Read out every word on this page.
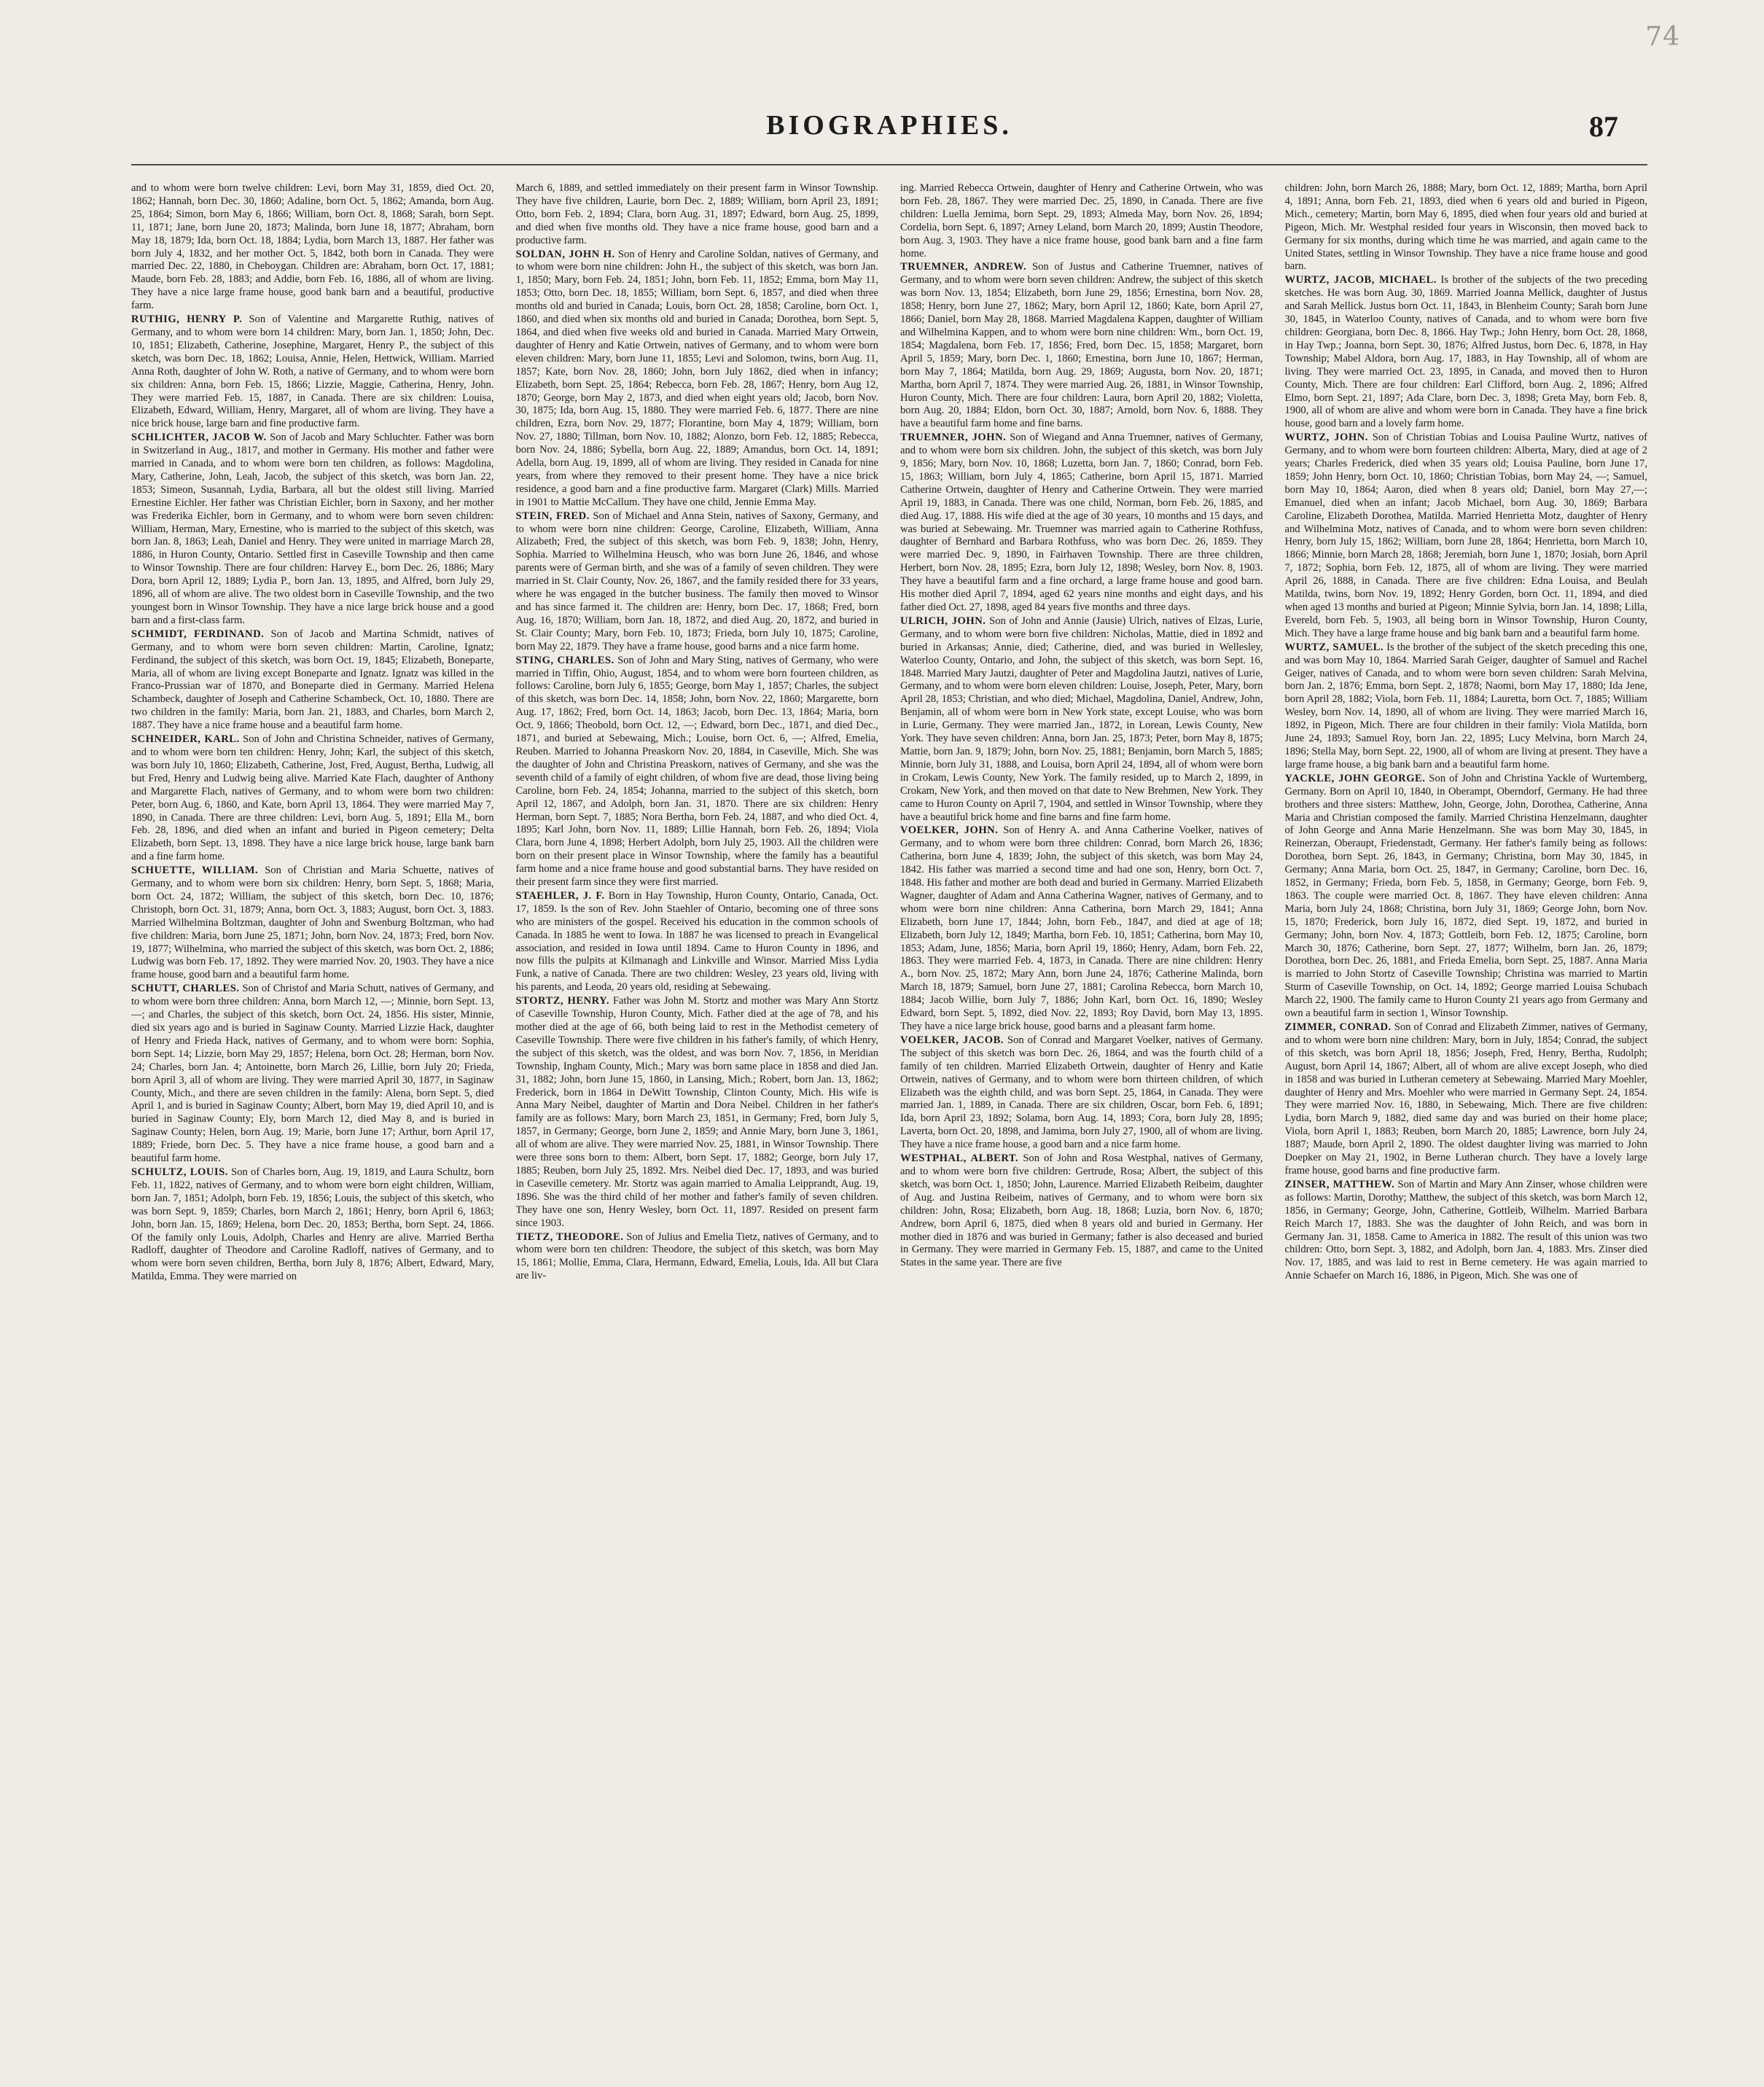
74
BIOGRAPHIES.	87

and to whom were born twelve children: Levi, born May 31, 1859, died Oct. 20, 1862; Hannah, born Dec. 30, 1860; Adaline, born Oct. 5, 1862; Amanda, born Aug. 25, 1864; Simon, born May 6, 1866; William, born Oct. 8, 1868; Sarah, born Sept. 11, 1871; Jane, born June 20, 1873; Malinda, born June 18, 1877; Abraham, born May 18, 1879; Ida, born Oct. 18, 1884; Lydia, born March 13, 1887. Her father was born July 4, 1832, and her mother Oct. 5, 1842, both born in Canada. They were married Dec. 22, 1880, in Cheboygan. Children are: Abraham, born Oct. 17, 1881; Maude, born Feb. 28, 1883; and Addie, born Feb. 16, 1886, all of whom are living. They have a nice large frame house, good bank barn and a beautiful, productive farm.

RUTHIG, HENRY P. Son of Valentine and Margarette Ruthig, natives of Germany, and to whom were born 14 children: Mary, born Jan. 1, 1850; John, Dec. 10, 1851; Elizabeth, Catherine, Josephine, Margaret, Henry P., the subject of this sketch, was born Dec. 18, 1862; Louisa, Annie, Helen, Hettwick, William. Married Anna Roth, daughter of John W. Roth, a native of Germany, and to whom were born six children: Anna, born Feb. 15, 1866; Lizzie, Maggie, Catherina, Henry, John. They were married Feb. 15, 1887, in Canada. There are six children: Louisa, Elizabeth, Edward, William, Henry, Margaret, all of whom are living. They have a nice brick house, large barn and fine productive farm.

SCHLICHTER, JACOB W. Son of Jacob and Mary Schluchter. Father was born in Switzerland in Aug., 1817, and mother in Germany. His mother and father were married in Canada, and to whom were born ten children, as follows: Magdolina, Mary, Catherine, John, Leah, Jacob, the subject of this sketch, was born Jan. 22, 1853; Simeon, Susannah, Lydia, Barbara, all but the oldest still living. Married Ernestine Eichler. Her father was Christian Eichler, born in Saxony, and her mother was Frederika Eichler, born in Germany, and to whom were born seven children: William, Herman, Mary, Ernestine, who is married to the subject of this sketch, was born Jan. 8, 1863; Leah, Daniel and Henry. They were united in marriage March 28, 1886, in Huron County, Ontario. Settled first in Caseville Township and then came to Winsor Township. There are four children: Harvey E., born Dec. 26, 1886; Mary Dora, born April 12, 1889; Lydia P., born Jan. 13, 1895, and Alfred, born July 29, 1896, all of whom are alive. The two oldest born in Caseville Township, and the two youngest born in Winsor Township. They have a nice large brick house and a good barn and a first-class farm.

SCHMIDT, FERDINAND. Son of Jacob and Martina Schmidt, natives of Germany, and to whom were born seven children: Martin, Caroline, Ignatz; Ferdinand, the subject of this sketch, was born Oct. 19, 1845; Elizabeth, Boneparte, Maria, all of whom are living except Boneparte and Ignatz. Ignatz was killed in the Franco-Prussian war of 1870, and Boneparte died in Germany. Married Helena Schambeck, daughter of Joseph and Catherine Schambeck, Oct. 10, 1880. There are two children in the family: Maria, born Jan. 21, 1883, and Charles, born March 2, 1887. They have a nice frame house and a beautiful farm home.

SCHNEIDER, KARL. Son of John and Christina Schneider, natives of Germany, and to whom were born ten children: Henry, John; Karl, the subject of this sketch, was born July 10, 1860; Elizabeth, Catherine, Jost, Fred, August, Bertha, Ludwig, all but Fred, Henry and Ludwig being alive. Married Kate Flach, daughter of Anthony and Margarette Flach, natives of Germany, and to whom were born two children: Peter, born Aug. 6, 1860, and Kate, born April 13, 1864. They were married May 7, 1890, in Canada. There are three children: Levi, born Aug. 5, 1891; Ella M., born Feb. 28, 1896, and died when an infant and buried in Pigeon cemetery; Delta Elizabeth, born Sept. 13, 1898. They have a nice large brick house, large bank barn and a fine farm home.

SCHUETTE, WILLIAM. Son of Christian and Maria Schuette, natives of Germany, and to whom were born six children: Henry, born Sept. 5, 1868; Maria, born Oct. 24, 1872; William, the subject of this sketch, born Dec. 10, 1876; Christoph, born Oct. 31, 1879; Anna, born Oct. 3, 1883; August, born Oct. 3, 1883. Married Wilhelmina Boltzman, daughter of John and Swenburg Boltzman, who had five children: Maria, born June 25, 1871; John, born Nov. 24, 1873; Fred, born Nov. 19, 1877; Wilhelmina, who married the subject of this sketch, was born Oct. 2, 1886; Ludwig was born Feb. 17, 1892. They were married Nov. 20, 1903. They have a nice frame house, good barn and a beautiful farm home.

SCHUTT, CHARLES. Son of Christof and Maria Schutt, natives of Germany, and to whom were born three children: Anna, born March 12, —; Minnie, born Sept. 13, —; and Charles, the subject of this sketch, born Oct. 24, 1856. His sister, Minnie, died six years ago and is buried in Saginaw County. Married Lizzie Hack, daughter of Henry and Frieda Hack, natives of Germany, and to whom were born: Sophia, born Sept. 14; Lizzie, born May 29, 1857; Helena, born Oct. 28; Herman, born Nov. 24; Charles, born Jan. 4; Antoinette, born March 26, Lillie, born July 20; Frieda, born April 3, all of whom are living. They were married April 30, 1877, in Saginaw County, Mich., and there are seven children in the family: Alena, born Sept. 5, died April 1, and is buried in Saginaw County; Albert, born May 19, died April 10, and is buried in Saginaw County; Ely, born March 12, died May 8, and is buried in Saginaw County; Helen, born Aug. 19; Marie, born June 17; Arthur, born April 17, 1889; Friede, born Dec. 5. They have a nice frame house, a good barn and a beautiful farm home.

SCHULTZ, LOUIS. Son of Charles born, Aug. 19, 1819, and Laura Schultz, born Feb. 11, 1822, natives of Germany, and to whom were born eight children, William, born Jan. 7, 1851; Adolph, born Feb. 19, 1856; Louis, the subject of this sketch, who was born Sept. 9, 1859; Charles, born March 2, 1861; Henry, born April 6, 1863; John, born Jan. 15, 1869; Helena, born Dec. 20, 1853; Bertha, born Sept. 24, 1866. Of the family only Louis, Adolph, Charles and Henry are alive. Married Bertha Radloff, daughter of Theodore and Caroline Radloff, natives of Germany, and to whom were born seven children, Bertha, born July 8, 1876; Albert, Edward, Mary, Matilda, Emma. They were married on

March 6, 1889, and settled immediately on their present farm in Winsor Township. They have five children, Laurie, born Dec. 2, 1889; William, born April 23, 1891; Otto, born Feb. 2, 1894; Clara, born Aug. 31, 1897; Edward, born Aug. 25, 1899, and died when five months old. They have a nice frame house, good barn and a productive farm.

SOLDAN, JOHN H. Son of Henry and Caroline Soldan, natives of Germany, and to whom were born nine children: John H., the subject of this sketch, was born Jan. 1, 1850; Mary, born Feb. 24, 1851; John, born Feb. 11, 1852; Emma, born May 11, 1853; Otto, born Dec. 18, 1855; William, born Sept. 6, 1857, and died when three months old and buried in Canada; Louis, born Oct. 28, 1858; Caroline, born Oct. 1, 1860, and died when six months old and buried in Canada; Dorothea, born Sept. 5, 1864, and died when five weeks old and buried in Canada. Married Mary Ortwein, daughter of Henry and Katie Ortwein, natives of Germany, and to whom were born eleven children: Mary, born June 11, 1855; Levi and Solomon, twins, born Aug. 11, 1857; Kate, born Nov. 28, 1860; John, born July 1862, died when in infancy; Elizabeth, born Sept. 25, 1864; Rebecca, born Feb. 28, 1867; Henry, born Aug 12, 1870; George, born May 2, 1873, and died when eight years old; Jacob, born Nov. 30, 1875; Ida, born Aug. 15, 1880. They were married Feb. 6, 1877. There are nine children, Ezra, born Nov. 29, 1877; Florantine, born May 4, 1879; William, born Nov. 27, 1880; Tillman, born Nov. 10, 1882; Alonzo, born Feb. 12, 1885; Rebecca, born Nov. 24, 1886; Sybella, born Aug. 22, 1889; Amandus, born Oct. 14, 1891; Adella, born Aug. 19, 1899, all of whom are living. They resided in Canada for nine years, from where they removed to their present home. They have a nice brick residence, a good barn and a fine productive farm. Margaret (Clark) Mills. Married in 1901 to Mattie McCallum. They have one child, Jennie Emma May.

STEIN, FRED. Son of Michael and Anna Stein, natives of Saxony, Germany, and to whom were born nine children: George, Caroline, Elizabeth, William, Anna Alizabeth; Fred, the subject of this sketch, was born Feb. 9, 1838; John, Henry, Sophia. Married to Wilhelmina Heusch, who was born June 26, 1846, and whose parents were of German birth, and she was of a family of seven children. They were married in St. Clair County, Nov. 26, 1867, and the family resided there for 33 years, where he was engaged in the butcher business. The family then moved to Winsor and has since farmed it. The children are: Henry, born Dec. 17, 1868; Fred, born Aug. 16, 1870; William, born Jan. 18, 1872, and died Aug. 20, 1872, and buried in St. Clair County; Mary, born Feb. 10, 1873; Frieda, born July 10, 1875; Caroline, born May 22, 1879. They have a frame house, good barns and a nice farm home.

STING, CHARLES. Son of John and Mary Sting, natives of Germany, who were married in Tiffin, Ohio, August, 1854, and to whom were born fourteen children, as follows: Caroline, born July 6, 1855; George, born May 1, 1857; Charles, the subject of this sketch, was born Dec. 14, 1858; John, born Nov. 22, 1860; Margarette, born Aug. 17, 1862; Fred, born Oct. 14, 1863; Jacob, born Dec. 13, 1864; Maria, born Oct. 9, 1866; Theobold, born Oct. 12, —; Edward, born Dec., 1871, and died Dec., 1871, and buried at Sebewaing, Mich.; Louise, born Oct. 6, —; Alfred, Emelia, Reuben. Married to Johanna Preaskorn Nov. 20, 1884, in Caseville, Mich. She was the daughter of John and Christina Preaskorn, natives of Germany, and she was the seventh child of a family of eight children, of whom five are dead, those living being Caroline, born Feb. 24, 1854; Johanna, married to the subject of this sketch, born April 12, 1867, and Adolph, born Jan. 31, 1870. There are six children: Henry Herman, born Sept. 7, 1885; Nora Bertha, born Feb. 24, 1887, and who died Oct. 4, 1895; Karl John, born Nov. 11, 1889; Lillie Hannah, born Feb. 26, 1894; Viola Clara, born June 4, 1898; Herbert Adolph, born July 25, 1903. All the children were born on their present place in Winsor Township, where the family has a beautiful farm home and a nice frame house and good substantial barns. They have resided on their present farm since they were first married.

STAEHLER, J. F. Born in Hay Township, Huron County, Ontario, Canada, Oct. 17, 1859. Is the son of Rev. John Staehler of Ontario, becoming one of three sons who are ministers of the gospel. Received his education in the common schools of Canada. In 1885 he went to Iowa. In 1887 he was licensed to preach in Evangelical association, and resided in Iowa until 1894. Came to Huron County in 1896, and now fills the pulpits at Kilmanagh and Linkville and Winsor. Married Miss Lydia Funk, a native of Canada. There are two children: Wesley, 23 years old, living with his parents, and Leoda, 20 years old, residing at Sebewaing.

STORTZ, HENRY. Father was John M. Stortz and mother was Mary Ann Stortz of Caseville Township, Huron County, Mich. Father died at the age of 78, and his mother died at the age of 66, both being laid to rest in the Methodist cemetery of Caseville Township. There were five children in his father's family, of which Henry, the subject of this sketch, was the oldest, and was born Nov. 7, 1856, in Meridian Township, Ingham County, Mich.; Mary was born same place in 1858 and died Jan. 31, 1882; John, born June 15, 1860, in Lansing, Mich.; Robert, born Jan. 13, 1862; Frederick, born in 1864 in DeWitt Township, Clinton County, Mich. His wife is Anna Mary Neibel, daughter of Martin and Dora Neibel. Children in her father's family are as follows: Mary, born March 23, 1851, in Germany; Fred, born July 5, 1857, in Germany; George, born June 2, 1859; and Annie Mary, born June 3, 1861, all of whom are alive. They were married Nov. 25, 1881, in Winsor Township. There were three sons born to them: Albert, born Sept. 17, 1882; George, born July 17, 1885; Reuben, born July 25, 1892. Mrs. Neibel died Dec. 17, 1893, and was buried in Caseville cemetery. Mr. Stortz was again married to Amalia Leipprandt, Aug. 19, 1896. She was the third child of her mother and father's family of seven children. They have one son, Henry Wesley, born Oct. 11, 1897. Resided on present farm since 1903.

TIETZ, THEODORE. Son of Julius and Emelia Tietz, natives of Germany, and to whom were born ten children: Theodore, the subject of this sketch, was born May 15, 1861; Mollie, Emma, Clara, Hermann, Edward, Emelia, Louis, Ida. All but Clara are liv-

ing. Married Rebecca Ortwein, daughter of Henry and Catherine Ortwein, who was born Feb. 28, 1867. They were married Dec. 25, 1890, in Canada. There are five children: Luella Jemima, born Sept. 29, 1893; Almeda May, born Nov. 26, 1894; Cordelia, born Sept. 6, 1897; Arney Leland, born March 20, 1899; Austin Theodore, born Aug. 3, 1903. They have a nice frame house, good bank barn and a fine farm home.

TRUEMNER, ANDREW. Son of Justus and Catherine Truemner, natives of Germany, and to whom were born seven children: Andrew, the subject of this sketch was born Nov. 13, 1854; Elizabeth, born June 29, 1856; Ernestina, born Nov. 28, 1858; Henry, born June 27, 1862; Mary, born April 12, 1860; Kate, born April 27, 1866; Daniel, born May 28, 1868. Married Magdalena Kappen, daughter of William and Wilhelmina Kappen, and to whom were born nine children: Wm., born Oct. 19, 1854; Magdalena, born Feb. 17, 1856; Fred, born Dec. 15, 1858; Margaret, born April 5, 1859; Mary, born Dec. 1, 1860; Ernestina, born June 10, 1867; Herman, born May 7, 1864; Matilda, born Aug. 29, 1869; Augusta, born Nov. 20, 1871; Martha, born April 7, 1874. They were married Aug. 26, 1881, in Winsor Township, Huron County, Mich. There are four children: Laura, born April 20, 1882; Violetta, born Aug. 20, 1884; Eldon, born Oct. 30, 1887; Arnold, born Nov. 6, 1888. They have a beautiful farm home and fine barns.

TRUEMNER, JOHN. Son of Wiegand and Anna Truemner, natives of Germany, and to whom were born six children. John, the subject of this sketch, was born July 9, 1856; Mary, born Nov. 10, 1868; Luzetta, born Jan. 7, 1860; Conrad, born Feb. 15, 1863; William, born July 4, 1865; Catherine, born April 15, 1871. Married Catherine Ortwein, daughter of Henry and Catherine Ortwein. They were married April 19, 1883, in Canada. There was one child, Norman, born Feb. 26, 1885, and died Aug. 17, 1888. His wife died at the age of 30 years, 10 months and 15 days, and was buried at Sebewaing. Mr. Truemner was married again to Catherine Rothfuss, daughter of Bernhard and Barbara Rothfuss, who was born Dec. 26, 1859. They were married Dec. 9, 1890, in Fairhaven Township. There are three children, Herbert, born Nov. 28, 1895; Ezra, born July 12, 1898; Wesley, born Nov. 8, 1903. They have a beautiful farm and a fine orchard, a large frame house and good barn. His mother died April 7, 1894, aged 62 years nine months and eight days, and his father died Oct. 27, 1898, aged 84 years five months and three days.

ULRICH, JOHN. Son of John and Annie (Jausie) Ulrich, natives of Elzas, Lurie, Germany, and to whom were born five children: Nicholas, Mattie, died in 1892 and buried in Arkansas; Annie, died; Catherine, died, and was buried in Wellesley, Waterloo County, Ontario, and John, the subject of this sketch, was born Sept. 16, 1848. Married Mary Jautzi, daughter of Peter and Magdolina Jautzi, natives of Lurie, Germany, and to whom were born eleven children: Louise, Joseph, Peter, Mary, born April 28, 1853; Christian, and who died; Michael, Magdolina, Daniel, Andrew, John, Benjamin, all of whom were born in New York state, except Louise, who was born in Lurie, Germany. They were married Jan., 1872, in Lorean, Lewis County, New York. They have seven children: Anna, born Jan. 25, 1873; Peter, born May 8, 1875; Mattie, born Jan. 9, 1879; John, born Nov. 25, 1881; Benjamin, born March 5, 1885; Minnie, born July 31, 1888, and Louisa, born April 24, 1894, all of whom were born in Crokam, Lewis County, New York. The family resided, up to March 2, 1899, in Crokam, New York, and then moved on that date to New Brehmen, New York. They came to Huron County on April 7, 1904, and settled in Winsor Township, where they have a beautiful brick home and fine barns and fine farm home.

VOELKER, JOHN. Son of Henry A. and Anna Catherine Voelker, natives of Germany, and to whom were born three children: Conrad, born March 26, 1836; Catherina, born June 4, 1839; John, the subject of this sketch, was born May 24, 1842. His father was married a second time and had one son, Henry, born Oct. 7, 1848. His father and mother are both dead and buried in Germany. Married Elizabeth Wagner, daughter of Adam and Anna Catherina Wagner, natives of Germany, and to whom were born nine children: Anna Catherina, born March 29, 1841; Anna Elizabeth, born June 17, 1844; John, born Feb., 1847, and died at age of 18; Elizabeth, born July 12, 1849; Martha, born Feb. 10, 1851; Catherina, born May 10, 1853; Adam, June, 1856; Maria, born April 19, 1860; Henry, Adam, born Feb. 22, 1863. They were married Feb. 4, 1873, in Canada. There are nine children: Henry A., born Nov. 25, 1872; Mary Ann, born June 24, 1876; Catherine Malinda, born March 18, 1879; Samuel, born June 27, 1881; Carolina Rebecca, born March 10, 1884; Jacob Willie, born July 7, 1886; John Karl, born Oct. 16, 1890; Wesley Edward, born Sept. 5, 1892, died Nov. 22, 1893; Roy David, born May 13, 1895. They have a nice large brick house, good barns and a pleasant farm home.

VOELKER, JACOB. Son of Conrad and Margaret Voelker, natives of Germany. The subject of this sketch was born Dec. 26, 1864, and was the fourth child of a family of ten children. Married Elizabeth Ortwein, daughter of Henry and Katie Ortwein, natives of Germany, and to whom were born thirteen children, of which Elizabeth was the eighth child, and was born Sept. 25, 1864, in Canada. They were married Jan. 1, 1889, in Canada. There are six children, Oscar, born Feb. 6, 1891; Ida, born April 23, 1892; Solama, born Aug. 14, 1893; Cora, born July 28, 1895; Laverta, born Oct. 20, 1898, and Jamima, born July 27, 1900, all of whom are living. They have a nice frame house, a good barn and a nice farm home.

WESTPHAL, ALBERT. Son of John and Rosa Westphal, natives of Germany, and to whom were born five children: Gertrude, Rosa; Albert, the subject of this sketch, was born Oct. 1, 1850; John, Laurence. Married Elizabeth Reibeim, daughter of Aug. and Justina Reibeim, natives of Germany, and to whom were born six children: John, Rosa; Elizabeth, born Aug. 18, 1868; Luzia, born Nov. 6, 1870; Andrew, born April 6, 1875, died when 8 years old and buried in Germany. Her mother died in 1876 and was buried in Germany; father is also deceased and buried in Germany. They were married in Germany Feb. 15, 1887, and came to the United States in the same year. There are five

children: John, born March 26, 1888; Mary, born Oct. 12, 1889; Martha, born April 4, 1891; Anna, born Feb. 21, 1893, died when 6 years old and buried in Pigeon, Mich., cemetery; Martin, born May 6, 1895, died when four years old and buried at Pigeon, Mich. Mr. Westphal resided four years in Wisconsin, then moved back to Germany for six months, during which time he was married, and again came to the United States, settling in Winsor Township. They have a nice frame house and good barn.

WURTZ, JACOB, MICHAEL. Is brother of the subjects of the two preceding sketches. He was born Aug. 30, 1869. Married Joanna Mellick, daughter of Justus and Sarah Mellick. Justus born Oct. 11, 1843, in Blenheim County; Sarah born June 30, 1845, in Waterloo County, natives of Canada, and to whom were born five children: Georgiana, born Dec. 8, 1866. Hay Twp.; John Henry, born Oct. 28, 1868, in Hay Twp.; Joanna, born Sept. 30, 1876; Alfred Justus, born Dec. 6, 1878, in Hay Township; Mabel Aldora, born Aug. 17, 1883, in Hay Township, all of whom are living. They were married Oct. 23, 1895, in Canada, and moved then to Huron County, Mich. There are four children: Earl Clifford, born Aug. 2, 1896; Alfred Elmo, born Sept. 21, 1897; Ada Clare, born Dec. 3, 1898; Greta May, born Feb. 8, 1900, all of whom are alive and whom were born in Canada. They have a fine brick house, good barn and a lovely farm home.

WURTZ, JOHN. Son of Christian Tobias and Louisa Pauline Wurtz, natives of Germany, and to whom were born fourteen children: Alberta, Mary, died at age of 2 years; Charles Frederick, died when 35 years old; Louisa Pauline, born June 17, 1859; John Henry, born Oct. 10, 1860; Christian Tobias, born May 24, —; Samuel, born May 10, 1864; Aaron, died when 8 years old; Daniel, born May 27,—; Emanuel, died when an infant; Jacob Michael, born Aug. 30, 1869; Barbara Caroline, Elizabeth Dorothea, Matilda. Married Henrietta Motz, daughter of Henry and Wilhelmina Motz, natives of Canada, and to whom were born seven children: Henry, born July 15, 1862; William, born June 28, 1864; Henrietta, born March 10, 1866; Minnie, born March 28, 1868; Jeremiah, born June 1, 1870; Josiah, born April 7, 1872; Sophia, born Feb. 12, 1875, all of whom are living. They were married April 26, 1888, in Canada. There are five children: Edna Louisa, and Beulah Matilda, twins, born Nov. 19, 1892; Henry Gorden, born Oct. 11, 1894, and died when aged 13 months and buried at Pigeon; Minnie Sylvia, born Jan. 14, 1898; Lilla, Evereld, born Feb. 5, 1903, all being born in Winsor Township, Huron County, Mich. They have a large frame house and big bank barn and a beautiful farm home.

WURTZ, SAMUEL. Is the brother of the subject of the sketch preceding this one, and was born May 10, 1864. Married Sarah Geiger, daughter of Samuel and Rachel Geiger, natives of Canada, and to whom were born seven children: Sarah Melvina, born Jan. 2, 1876; Emma, born Sept. 2, 1878; Naomi, born May 17, 1880; Ida Jene, born April 28, 1882; Viola, born Feb. 11, 1884; Lauretta, born Oct. 7, 1885; William Wesley, born Nov. 14, 1890, all of whom are living. They were married March 16, 1892, in Pigeon, Mich. There are four children in their family: Viola Matilda, born June 24, 1893; Samuel Roy, born Jan. 22, 1895; Lucy Melvina, born March 24, 1896; Stella May, born Sept. 22, 1900, all of whom are living at present. They have a large frame house, a big bank barn and a beautiful farm home.

YACKLE, JOHN GEORGE. Son of John and Christina Yackle of Wurtemberg, Germany. Born on April 10, 1840, in Oberampt, Oberndorf, Germany. He had three brothers and three sisters: Matthew, John, George, John, Dorothea, Catherine, Anna Maria and Christian composed the family. Married Christina Henzelmann, daughter of John George and Anna Marie Henzelmann. She was born May 30, 1845, in Reinerzan, Oberaupt, Friedenstadt, Germany. Her father's family being as follows: Dorothea, born Sept. 26, 1843, in Germany; Christina, born May 30, 1845, in Germany; Anna Maria, born Oct. 25, 1847, in Germany; Caroline, born Dec. 16, 1852, in Germany; Frieda, born Feb. 5, 1858, in Germany; George, born Feb. 9, 1863. The couple were married Oct. 8, 1867. They have eleven children: Anna Maria, born July 24, 1868; Christina, born July 31, 1869; George John, born Nov. 15, 1870; Frederick, born July 16, 1872, died Sept. 19, 1872, and buried in Germany; John, born Nov. 4, 1873; Gottleib, born Feb. 12, 1875; Caroline, born March 30, 1876; Catherine, born Sept. 27, 1877; Wilhelm, born Jan. 26, 1879; Dorothea, born Dec. 26, 1881, and Frieda Emelia, born Sept. 25, 1887. Anna Maria is married to John Stortz of Caseville Township; Christina was married to Martin Sturm of Caseville Township, on Oct. 14, 1892; George married Louisa Schubach March 22, 1900. The family came to Huron County 21 years ago from Germany and own a beautiful farm in section 1, Winsor Township.

ZIMMER, CONRAD. Son of Conrad and Elizabeth Zimmer, natives of Germany, and to whom were born nine children: Mary, born in July, 1854; Conrad, the subject of this sketch, was born April 18, 1856; Joseph, Fred, Henry, Bertha, Rudolph; August, born April 14, 1867; Albert, all of whom are alive except Joseph, who died in 1858 and was buried in Lutheran cemetery at Sebewaing. Married Mary Moehler, daughter of Henry and Mrs. Moehler who were married in Germany Sept. 24, 1854. They were married Nov. 16, 1880, in Sebewaing, Mich. There are five children: Lydia, born March 9, 1882, died same day and was buried on their home place; Viola, born April 1, 1883; Reuben, born March 20, 1885; Lawrence, born July 24, 1887; Maude, born April 2, 1890. The oldest daughter living was married to John Doepker on May 21, 1902, in Berne Lutheran church. They have a lovely large frame house, good barns and fine productive farm.

ZINSER, MATTHEW. Son of Martin and Mary Ann Zinser, whose children were as follows: Martin, Dorothy; Matthew, the subject of this sketch, was born March 12, 1856, in Germany; George, John, Catherine, Gottleib, Wilhelm. Married Barbara Reich March 17, 1883. She was the daughter of John Reich, and was born in Germany Jan. 31, 1858. Came to America in 1882. The result of this union was two children: Otto, born Sept. 3, 1882, and Adolph, born Jan. 4, 1883. Mrs. Zinser died Nov. 17, 1885, and was laid to rest in Berne cemetery. He was again married to Annie Schaefer on March 16, 1886, in Pigeon, Mich. She was one of
